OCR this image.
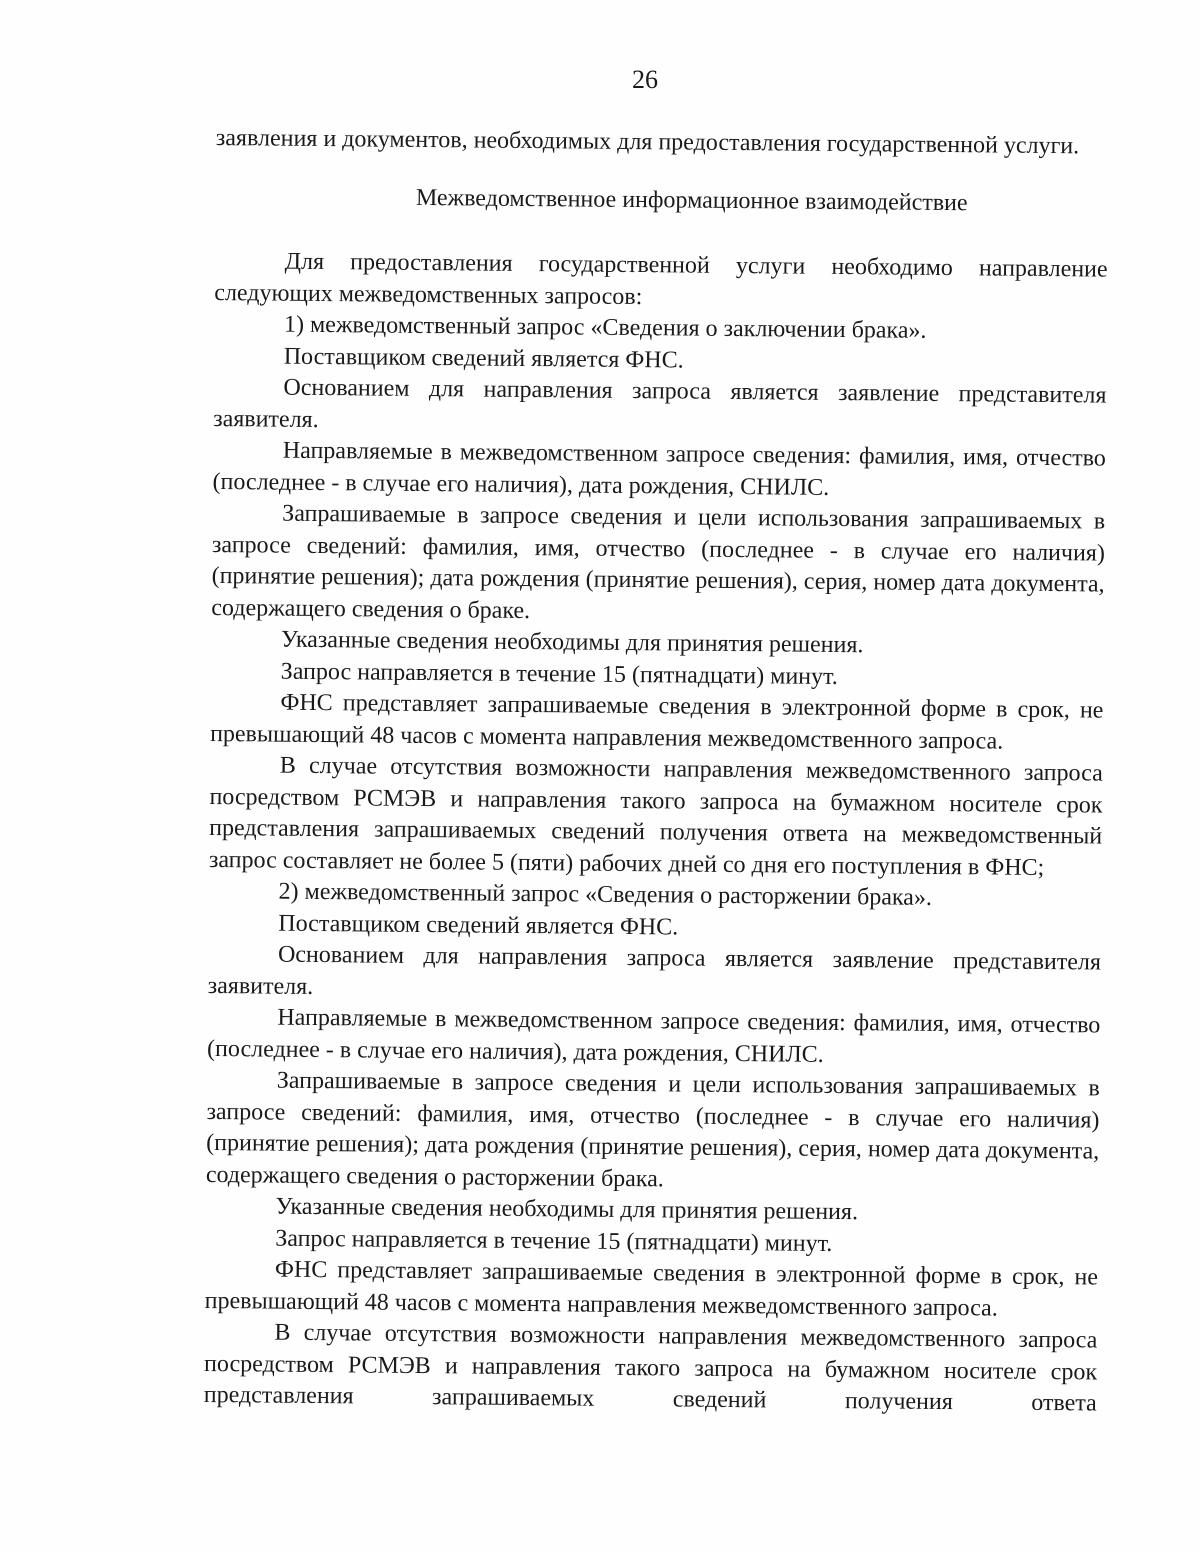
26

заявления и документов, необходимых для предоставления государственной услуги.

Межведомственное информационное взаимодействие

Для предоставления государственной услуги необходимо направление следующих межведомственных запросов:

1) межведомственный запрос «Сведения о заключении брака».

Поставщиком сведений является ФНС.

Основанием для направления запроса является заявление представителя заявителя.

Направляемые в межведомственном запросе сведения: фамилия, имя, отчество (последнее - в случае его наличия), дата рождения, СНИЛС.

Запрашиваемые в запросе сведения и цели использования запрашиваемых в запросе сведений: фамилия, имя, отчество (последнее - в случае его наличия) (принятие решения); дата рождения (принятие решения), серия, номер дата документа, содержащего сведения о браке.

Указанные сведения необходимы для принятия решения.

Запрос направляется в течение 15 (пятнадцати) минут.

ФНС представляет запрашиваемые сведения в электронной форме в срок, не превышающий 48 часов с момента направления межведомственного запроса.

В случае отсутствия возможности направления межведомственного запроса посредством РСМЭВ и направления такого запроса на бумажном носителе срок представления запрашиваемых сведений получения ответа на межведомственный запрос составляет не более 5 (пяти) рабочих дней со дня его поступления в ФНС;

2) межведомственный запрос «Сведения о расторжении брака».

Поставщиком сведений является ФНС.

Основанием для направления запроса является заявление представителя заявителя.

Направляемые в межведомственном запросе сведения: фамилия, имя, отчество (последнее - в случае его наличия), дата рождения, СНИЛС.

Запрашиваемые в запросе сведения и цели использования запрашиваемых в запросе сведений: фамилия, имя, отчество (последнее - в случае его наличия) (принятие решения); дата рождения (принятие решения), серия, номер дата документа, содержащего сведения о расторжении брака.

Указанные сведения необходимы для принятия решения.

Запрос направляется в течение 15 (пятнадцати) минут.

ФНС представляет запрашиваемые сведения в электронной форме в срок, не превышающий 48 часов с момента направления межведомственного запроса.

В случае отсутствия возможности направления межведомственного запроса посредством РСМЭВ и направления такого запроса на бумажном носителе срок представления запрашиваемых сведений получения ответа
